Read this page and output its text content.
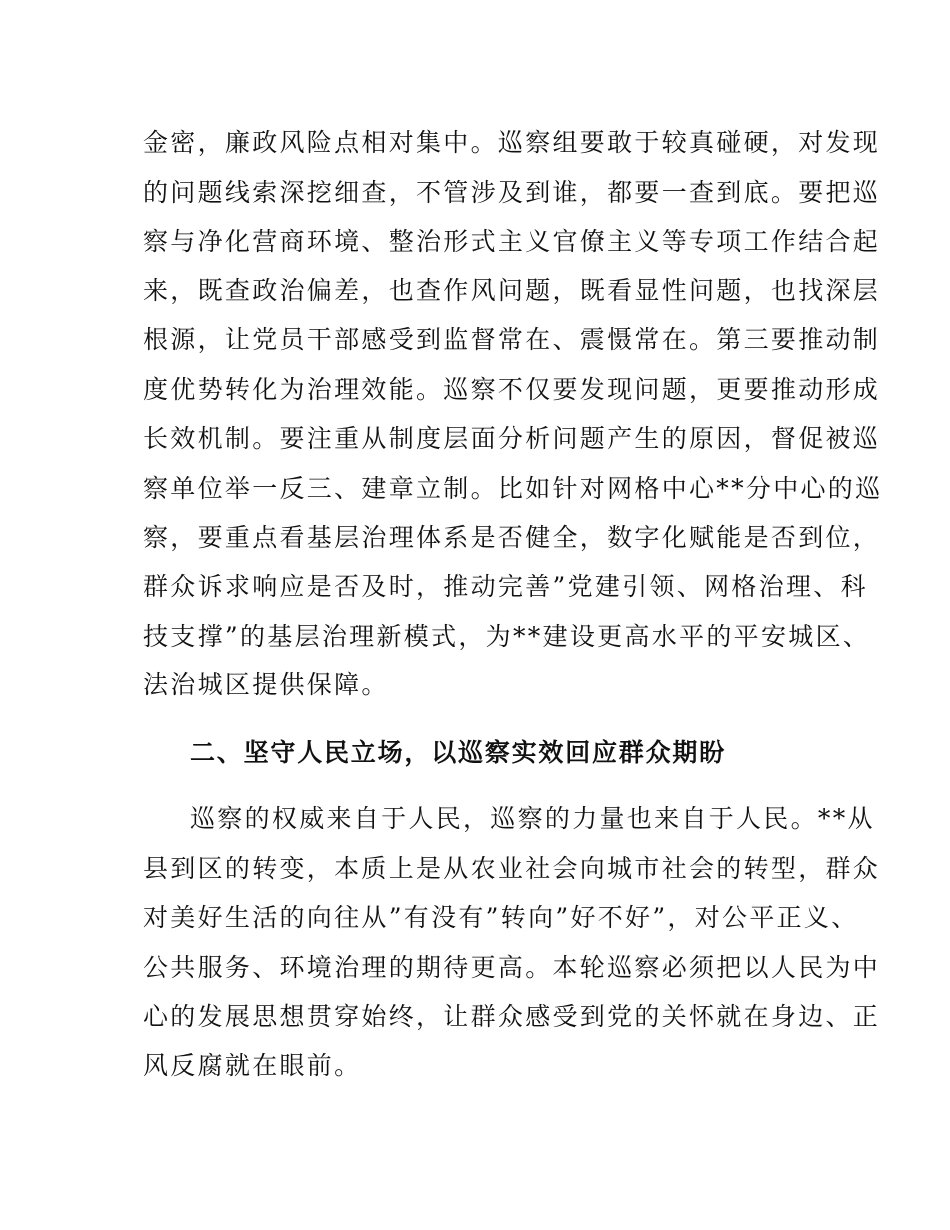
金密，廉政风险点相对集中。巡察组要敢于较真碰硬，对发现
的问题线索深挖细查，不管涉及到谁，都要一查到底。要把巡
察与净化营商环境、整治形式主义官僚主义等专项工作结合起
来，既查政治偏差，也查作风问题，既看显性问题，也找深层
根源，让党员干部感受到监督常在、震慑常在。第三要推动制
度优势转化为治理效能。巡察不仅要发现问题，更要推动形成
长效机制。要注重从制度层面分析问题产生的原因，督促被巡
察单位举一反三、建章立制。比如针对网格中心**分中心的巡
察，要重点看基层治理体系是否健全，数字化赋能是否到位，
群众诉求响应是否及时，推动完善”党建引领、网格治理、科
技支撑”的基层治理新模式，为**建设更高水平的平安城区、
法治城区提供保障。
二、坚守人民立场，以巡察实效回应群众期盼
巡察的权威来自于人民，巡察的力量也来自于人民。**从
县到区的转变，本质上是从农业社会向城市社会的转型，群众
对美好生活的向往从”有没有”转向”好不好”，对公平正义、
公共服务、环境治理的期待更高。本轮巡察必须把以人民为中
心的发展思想贯穿始终，让群众感受到党的关怀就在身边、正
风反腐就在眼前。
